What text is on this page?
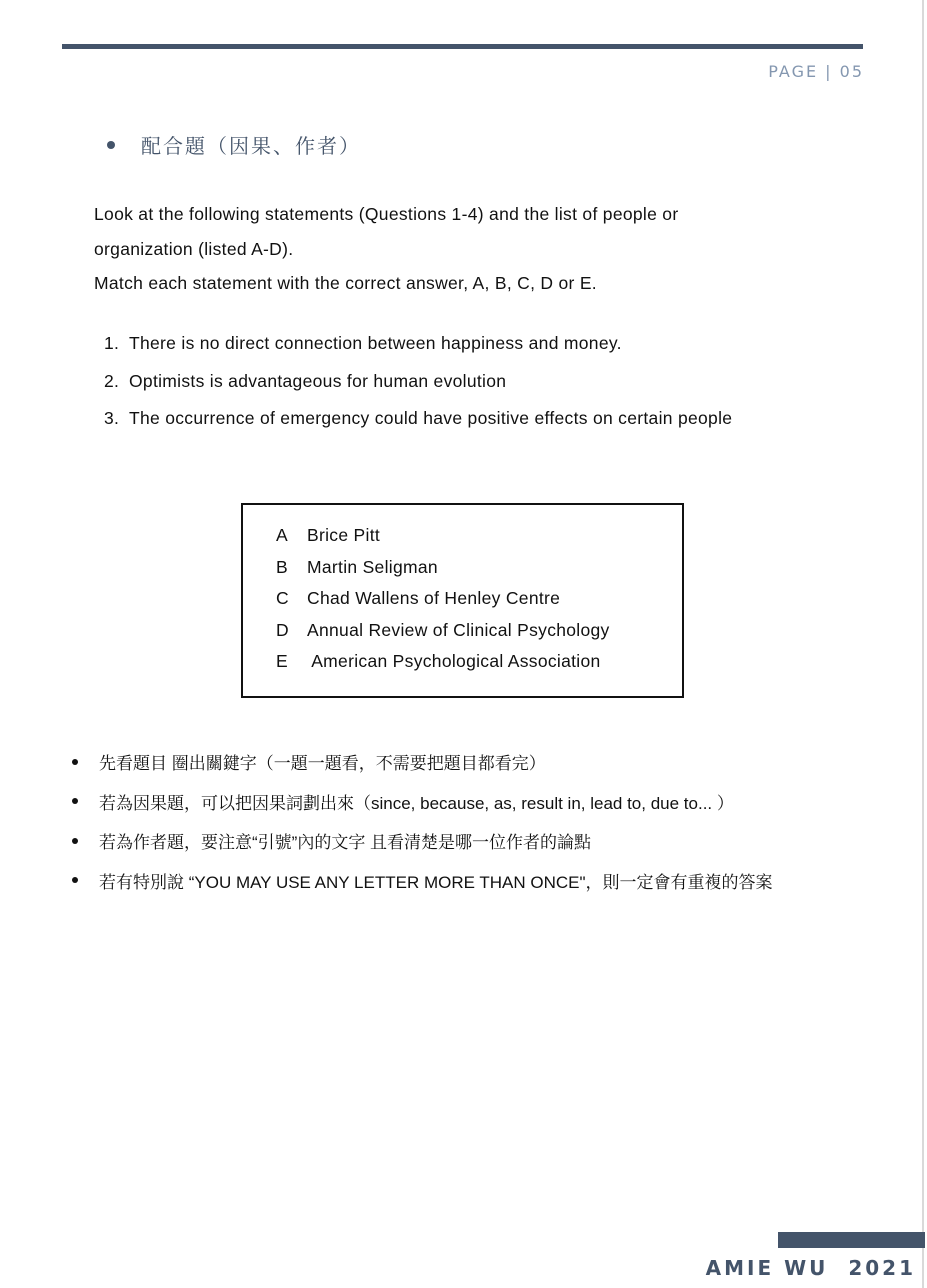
PAGE | 05
配合題（因果、作者）
Look at the following statements (Questions 1-4) and the list of people or
organization (listed A-D).
Match each statement with the correct answer, A, B, C, D or E.
1. There is no direct connection between happiness and money.
2. Optimists is advantageous for human evolution
3. The occurrence of emergency could have positive effects on certain people
A	Brice Pitt
B	Martin Seligman
C	Chad Wallens of Henley Centre
D	Annual Review of Clinical Psychology
E	American Psychological Association
先看題目 圈出關鍵字（一題一題看，不需要把題目都看完）
若為因果題，可以把因果詞劃出來（since, because, as, result in, lead to, due to... ）
若為作者題，要注意“引號”內的文字 且看清楚是哪一位作者的論點
若有特別說 “YOU MAY USE ANY LETTER MORE THAN ONCE"，則一定會有重複的答案
AMIE WU  2021
